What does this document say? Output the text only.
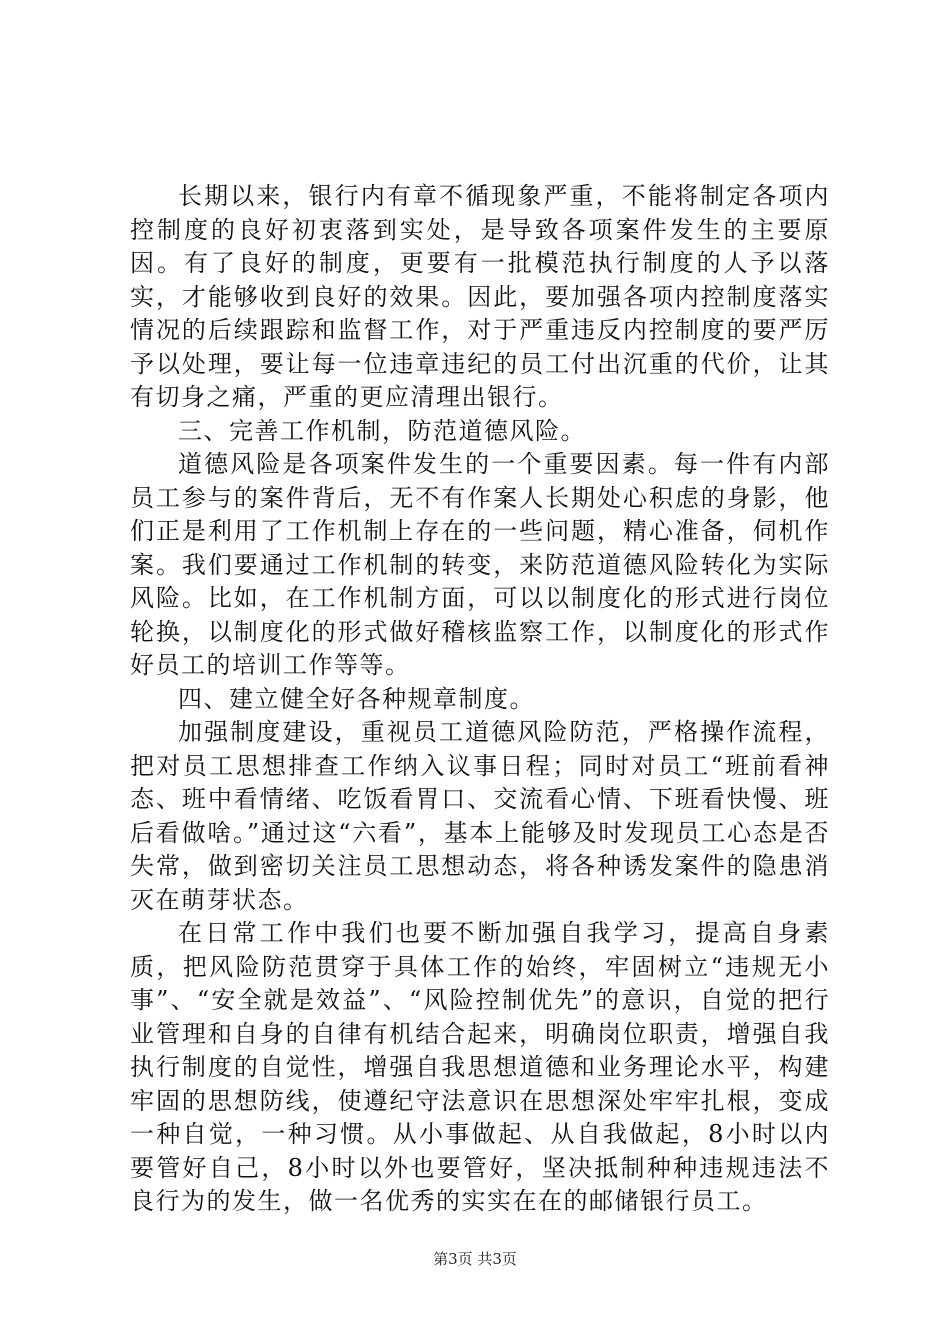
长期以来，银行内有章不循现象严重，不能将制定各项内控制度的良好初衷落到实处，是导致各项案件发生的主要原因。有了良好的制度，更要有一批模范执行制度的人予以落实，才能够收到良好的效果。因此，要加强各项内控制度落实情况的后续跟踪和监督工作，对于严重违反内控制度的要严厉予以处理，要让每一位违章违纪的员工付出沉重的代价，让其有切身之痛，严重的更应清理出银行。

三、完善工作机制，防范道德风险。

道德风险是各项案件发生的一个重要因素。每一件有内部员工参与的案件背后，无不有作案人长期处心积虑的身影，他们正是利用了工作机制上存在的一些问题，精心准备，伺机作案。我们要通过工作机制的转变，来防范道德风险转化为实际风险。比如，在工作机制方面，可以以制度化的形式进行岗位轮换，以制度化的形式做好稽核监察工作，以制度化的形式作好员工的培训工作等等。

四、建立健全好各种规章制度。

加强制度建设，重视员工道德风险防范，严格操作流程，把对员工思想排查工作纳入议事日程；同时对员工“班前看神态、班中看情绪、吃饭看胃口、交流看心情、下班看快慢、班后看做啥。”通过这“六看”，基本上能够及时发现员工心态是否失常，做到密切关注员工思想动态，将各种诱发案件的隐患消灭在萌芽状态。

在日常工作中我们也要不断加强自我学习，提高自身素质，把风险防范贯穿于具体工作的始终，牢固树立“违规无小事”、“安全就是效益”、“风险控制优先”的意识，自觉的把行业管理和自身的自律有机结合起来，明确岗位职责，增强自我执行制度的自觉性，增强自我思想道德和业务理论水平，构建牢固的思想防线，使遵纪守法意识在思想深处牢牢扎根，变成一种自觉，一种习惯。从小事做起、从自我做起，8小时以内要管好自己，8小时以外也要管好，坚决抵制种种违规违法不良行为的发生，做一名优秀的实实在在的邮储银行员工。

第3页 共3页
